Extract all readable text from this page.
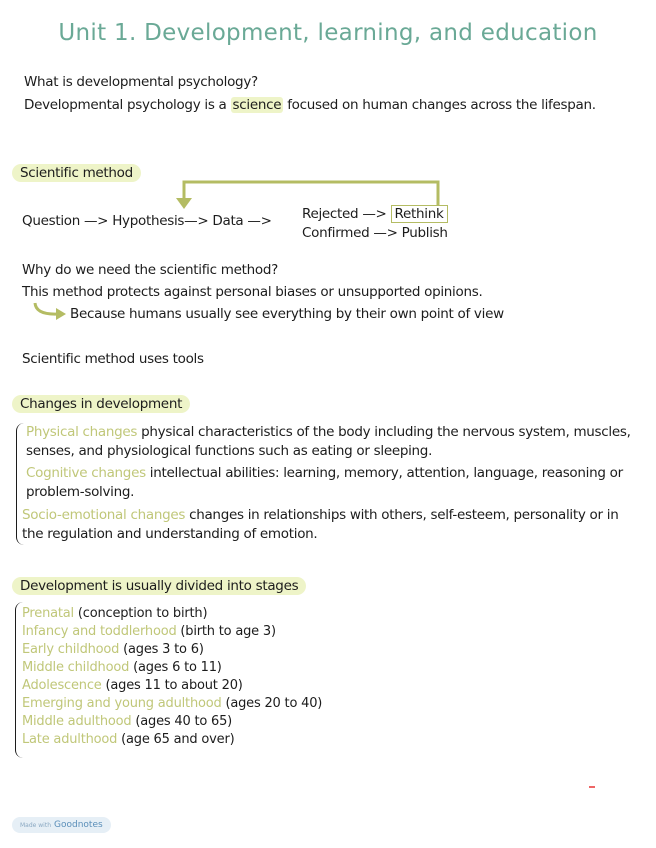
Unit 1. Development, learning, and education
What is developmental psychology?
Developmental psychology is a science focused on human changes across the lifespan.
Scientific method
Question —> Hypothesis—> Data —> Rejected —> Rethink
Confirmed —> Publish
Why do we need the scientific method?
This method protects against personal biases or unsupported opinions.
Because humans usually see everything by their own point of view
Scientific method uses tools
Changes in development
Physical changes physical characteristics of the body including the nervous system, muscles, senses, and physiological functions such as eating or sleeping.
Cognitive changes intellectual abilities: learning, memory, attention, language, reasoning or problem-solving.
Socio-emotional changes changes in relationships with others, self-esteem, personality or in the regulation and understanding of emotion.
Development is usually divided into stages
Prenatal (conception to birth)
Infancy and toddlerhood (birth to age 3)
Early childhood (ages 3 to 6)
Middle childhood (ages 6 to 11)
Adolescence (ages 11 to about 20)
Emerging and young adulthood (ages 20 to 40)
Middle adulthood (ages 40 to 65)
Late adulthood (age 65 and over)
Made with Goodnotes
